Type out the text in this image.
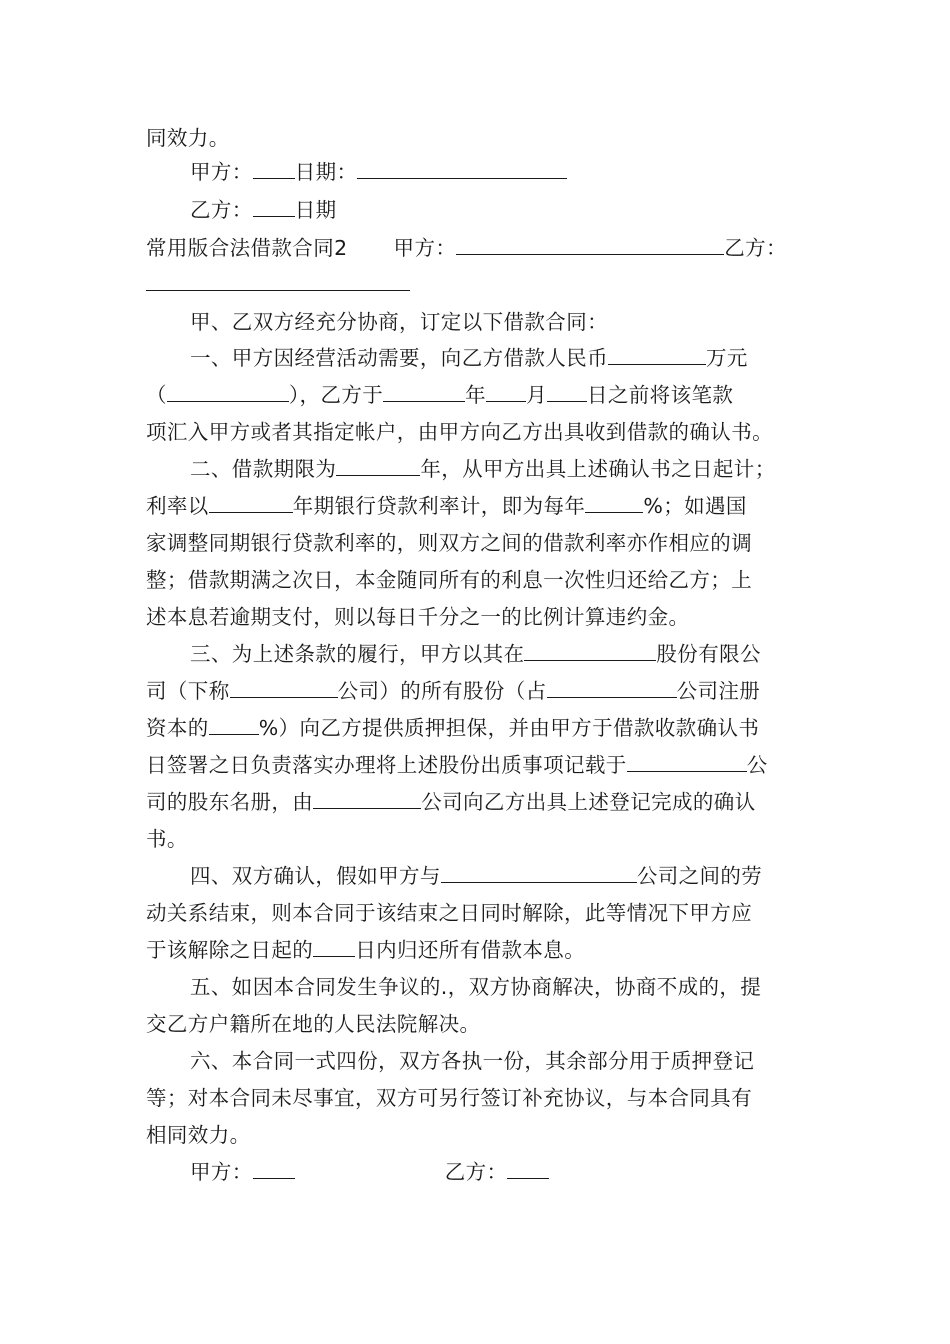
同效力。
甲方： 日期：
乙方： 日期
常用版合法借款合同2 甲方：	乙方：
甲、乙双方经充分协商，订定以下借款合同：
一、甲方因经营活动需要，向乙方借款人民币	万元
（	），乙方于	年 月 日之前将该笔款
项汇入甲方或者其指定帐户，由甲方向乙方出具收到借款的确认书。
二、借款期限为	年，从甲方出具上述确认书之日起计；
利率以	年期银行贷款利率计，即为每年	%；如遇国
家调整同期银行贷款利率的，则双方之间的借款利率亦作相应的调
整；借款期满之次日，本金随同所有的利息一次性归还给乙方；上
述本息若逾期支付，则以每日千分之一的比例计算违约金。
三、为上述条款的履行，甲方以其在	股份有限公
司（下称	公司）的所有股份（占	公司注册
资本的 %）向乙方提供质押担保，并由甲方于借款收款确认书
日签署之日负责落实办理将上述股份出质事项记载于	公
司的股东名册，由	公司向乙方出具上述登记完成的确认
书。
四、双方确认，假如甲方与	公司之间的劳
动关系结束，则本合同于该结束之日同时解除，此等情况下甲方应
于该解除之日起的 日内归还所有借款本息。
五、如因本合同发生争议的.，双方协商解决，协商不成的，提
交乙方户籍所在地的人民法院解决。
六、本合同一式四份，双方各执一份，其余部分用于质押登记
等；对本合同未尽事宜，双方可另行签订补充协议，与本合同具有
相同效力。
甲方：	乙方：
